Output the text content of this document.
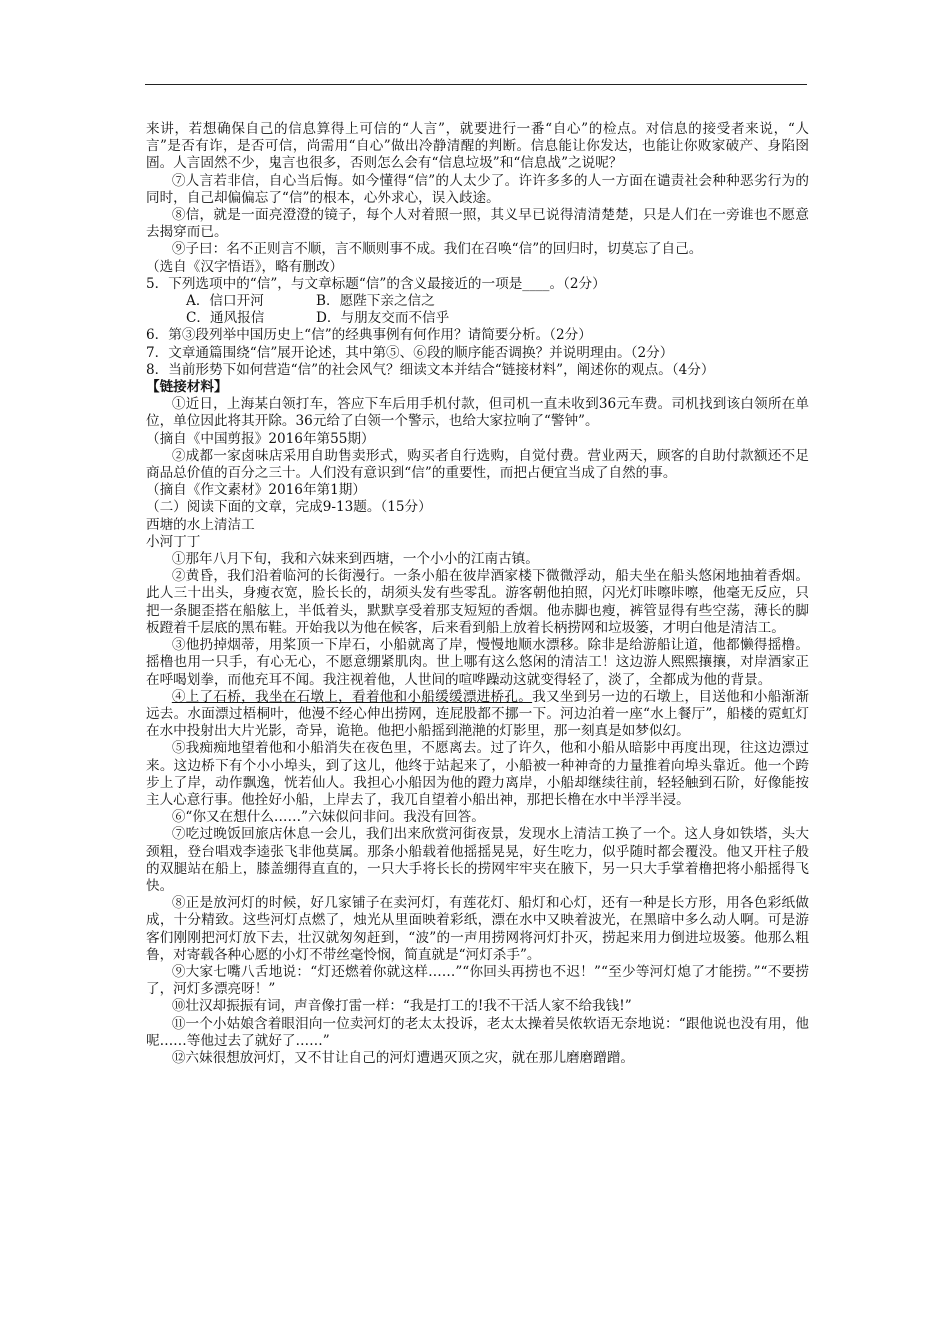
来讲，若想确保自己的信息算得上可信的“人言”，就要进行一番“自心”的检点。对信息的接受者来说，“人言”是否有诈，是否可信，尚需用“自心”做出冷静清醒的判断。信息能让你发达，也能让你败家破产、身陷囹圄。人言固然不少，鬼言也很多，否则怎么会有“信息垃圾”和“信息战”之说呢？

⑦人言若非信，自心当后悔。如今懂得“信”的人太少了。许许多多的人一方面在谴责社会种种恶劣行为的同时，自己却偏偏忘了“信”的根本，心外求心，误入歧途。

⑧信，就是一面亮澄澄的镜子，每个人对着照一照，其义早已说得清清楚楚，只是人们在一旁谁也不愿意去揭穿而已。

⑨子曰：名不正则言不顺，言不顺则事不成。我们在召唤“信”的回归时，切莫忘了自己。

（选自《汉字悟语》，略有删改）

5．下列选项中的“信”，与文章标题“信”的含义最接近的一项是____。（2分）

A．信口开河	B．愿陛下亲之信之
C．通风报信	D．与朋友交而不信乎

6．第③段列举中国历史上“信”的经典事例有何作用？请简要分析。（2分）

7．文章通篇围绕“信”展开论述，其中第⑤、⑥段的顺序能否调换？并说明理由。（2分）

8．当前形势下如何营造“信”的社会风气？细读文本并结合“链接材料”，阐述你的观点。（4分）

【链接材料】

①近日，上海某白领打车，答应下车后用手机付款，但司机一直未收到36元车费。司机找到该白领所在单位，单位因此将其开除。36元给了白领一个警示，也给大家拉响了“警钟”。

（摘自《中国剪报》2016年第55期）

②成都一家卤味店采用自助售卖形式，购买者自行选购，自觉付费。营业两天，顾客的自助付款额还不足商品总价值的百分之三十。人们没有意识到“信”的重要性，而把占便宜当成了自然的事。

（摘自《作文素材》2016年第1期）

（二）阅读下面的文章，完成9-13题。（15分）

西塘的水上清洁工

小河丁丁

①那年八月下旬，我和六妹来到西塘，一个小小的江南古镇。

②黄昏，我们沿着临河的长街漫行。一条小船在彼岸酒家楼下微微浮动，船夫坐在船头悠闲地抽着香烟。此人三十出头，身瘦衣宽，脸长长的，胡须头发有些零乱。游客朝他拍照，闪光灯咔嚓咔嚓，他毫无反应，只把一条腿歪搭在船舷上，半低着头，默默享受着那支短短的香烟。他赤脚也瘦，裤管显得有些空荡，薄长的脚板蹬着千层底的黑布鞋。开始我以为他在候客，后来看到船上放着长柄捞网和垃圾篓，才明白他是清洁工。

③他扔掉烟蒂，用桨顶一下岸石，小船就离了岸，慢慢地顺水漂移。除非是给游船让道，他都懒得摇橹。摇橹也用一只手，有心无心，不愿意绷紧肌肉。世上哪有这么悠闲的清洁工！这边游人熙熙攘攘，对岸酒家正在呼喝划拳，而他充耳不闻。我注视着他，人世间的喧哗躁动这就变得轻了，淡了，全都成为他的背景。

④上了石桥，我坐在石墩上，看着他和小船缓缓漂进桥孔。我又坐到另一边的石墩上，目送他和小船渐渐远去。水面漂过梧桐叶，他漫不经心伸出捞网，连屁股都不挪一下。河边泊着一座“水上餐厅”，船楼的霓虹灯在水中投射出大片光影，奇异，诡艳。他把小船摇到滟滟的灯影里，那一刻真是如梦似幻。

⑤我痴痴地望着他和小船消失在夜色里，不愿离去。过了许久，他和小船从暗影中再度出现，往这边漂过来。这边桥下有个小小埠头，到了这儿，他终于站起来了，小船被一种神奇的力量推着向埠头靠近。他一个跨步上了岸，动作飘逸，恍若仙人。我担心小船因为他的蹬力离岸，小船却继续往前，轻轻触到石阶，好像能按主人心意行事。他拴好小船，上岸去了，我兀自望着小船出神，那把长橹在水中半浮半浸。

⑥“你又在想什么……”六妹似问非问。我没有回答。

⑦吃过晚饭回旅店休息一会儿，我们出来欣赏河街夜景，发现水上清洁工换了一个。这人身如铁塔，头大颈粗，登台唱戏李逵张飞非他莫属。那条小船载着他摇摇晃晃，好生吃力，似乎随时都会覆没。他又开柱子般的双腿站在船上，膝盖绷得直直的，一只大手将长长的捞网牢牢夹在腋下，另一只大手掌着橹把将小船摇得飞快。

⑧正是放河灯的时候，好几家铺子在卖河灯，有莲花灯、船灯和心灯，还有一种是长方形，用各色彩纸做成，十分精致。这些河灯点燃了，烛光从里面映着彩纸，漂在水中又映着波光，在黑暗中多么动人啊。可是游客们刚刚把河灯放下去，壮汉就匆匆赶到，“波”的一声用捞网将河灯扑灭，捞起来用力倒进垃圾篓。他那么粗鲁，对寄载各种心愿的小灯不带丝毫怜悯，简直就是“河灯杀手”。

⑨大家七嘴八舌地说：“灯还燃着你就这样……”“你回头再捞也不迟！”“至少等河灯熄了才能捞。”“不要捞了，河灯多漂亮呀！”

⑩壮汉却振振有词，声音像打雷一样：“我是打工的!我不干活人家不给我钱!”

⑪一个小姑娘含着眼泪向一位卖河灯的老太太投诉，老太太操着吴侬软语无奈地说：“跟他说也没有用，他呢……等他过去了就好了……”

⑫六妹很想放河灯，又不甘让自己的河灯遭遇灭顶之灾，就在那儿磨磨蹭蹭。
